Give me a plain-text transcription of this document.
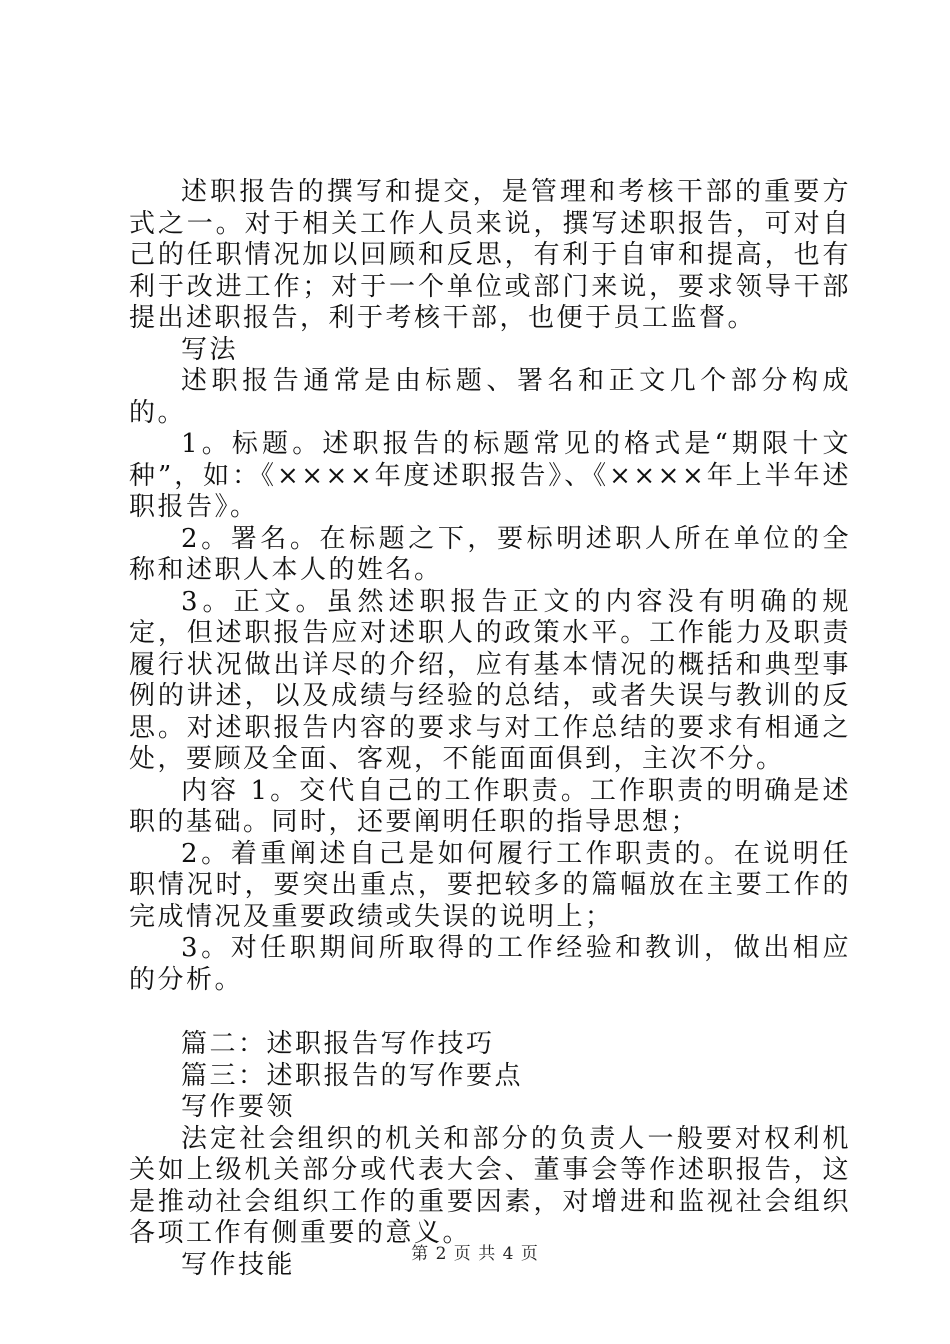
述职报告的撰写和提交，是管理和考核干部的重要方式之一。对于相关工作人员来说，撰写述职报告，可对自己的任职情况加以回顾和反思，有利于自审和提高，也有利于改进工作；对于一个单位或部门来说，要求领导干部提出述职报告，利于考核干部，也便于员工监督。

写法

述职报告通常是由标题、署名和正文几个部分构成的。

1。标题。述职报告的标题常见的格式是“期限十文种”，如：《××××年度述职报告》、《××××年上半年述职报告》。

2。署名。在标题之下，要标明述职人所在单位的全称和述职人本人的姓名。

3。正文。虽然述职报告正文的内容没有明确的规定，但述职报告应对述职人的政策水平。工作能力及职责履行状况做出详尽的介绍，应有基本情况的概括和典型事例的讲述，以及成绩与经验的总结，或者失误与教训的反思。对述职报告内容的要求与对工作总结的要求有相通之处，要顾及全面、客观，不能面面俱到，主次不分。

内容 1。交代自己的工作职责。工作职责的明确是述职的基础。同时，还要阐明任职的指导思想；

2。着重阐述自己是如何履行工作职责的。在说明任职情况时，要突出重点，要把较多的篇幅放在主要工作的完成情况及重要政绩或失误的说明上；

3。对任职期间所取得的工作经验和教训，做出相应的分析。

篇二：述职报告写作技巧

篇三：述职报告的写作要点

写作要领

法定社会组织的机关和部分的负责人一般要对权利机关如上级机关部分或代表大会、董事会等作述职报告，这是推动社会组织工作的重要因素，对增进和监视社会组织各项工作有侧重要的意义。

写作技能	第 2 页 共 4 页
